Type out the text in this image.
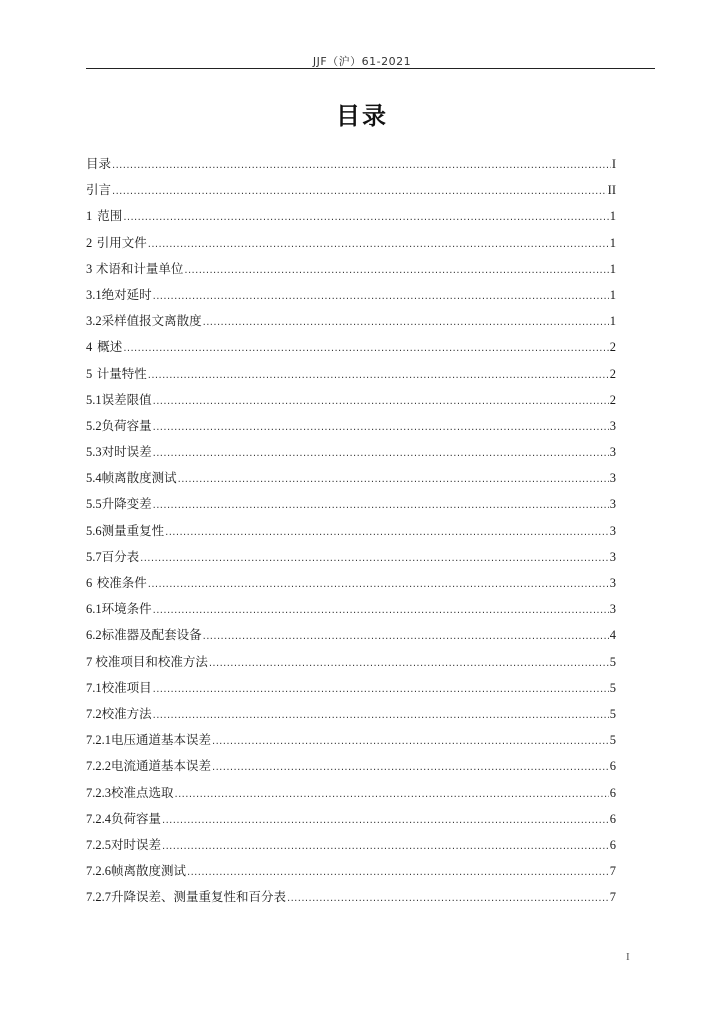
JJF（沪）61-2021
目录
目录 .....	I
引言 .....	II
1 范围 .....	1
2 引用文件 .....	1
3 术语和计量单位 .....	1
3.1 绝对延时 .....	1
3.2 采样值报文离散度 .....	1
4 概述 .....	2
5 计量特性 .....	2
5.1 误差限值 .....	2
5.2 负荷容量 .....	3
5.3 对时误差 .....	3
5.4 帧离散度测试 .....	3
5.5 升降变差 .....	3
5.6 测量重复性 .....	3
5.7 百分表 .....	3
6 校准条件 .....	3
6.1 环境条件 .....	3
6.2 标准器及配套设备 .....	4
7 校准项目和校准方法 .....	5
7.1 校准项目 .....	5
7.2 校准方法 .....	5
7.2.1 电压通道基本误差 .....	5
7.2.2 电流通道基本误差 .....	6
7.2.3 校准点选取 .....	6
7.2.4 负荷容量 .....	6
7.2.5 对时误差 .....	6
7.2.6 帧离散度测试 .....	7
7.2.7 升降误差、测量重复性和百分表 .....	7
I
